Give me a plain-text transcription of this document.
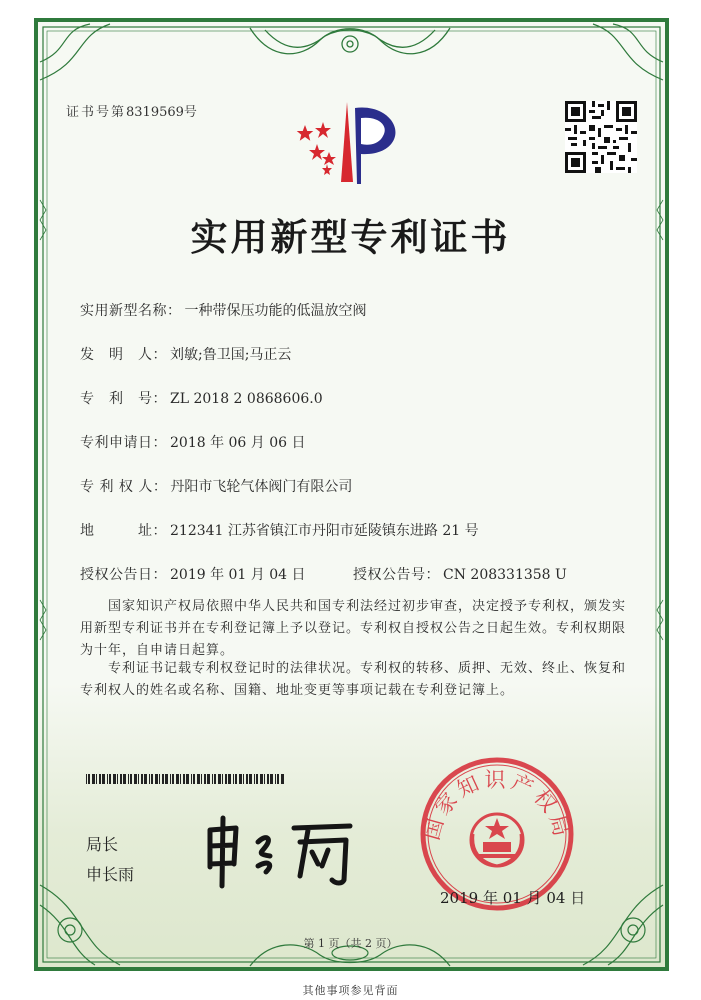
证书号第8319569号
实用新型专利证书
实用新型名称： 一种带保压功能的低温放空阀
发　明　人： 刘敏;鲁卫国;马正云
专　利　号： ZL 2018 2 0868606.0
专利申请日： 2018 年 06 月 06 日
专 利 权 人： 丹阳市飞轮气体阀门有限公司
地　　　址： 212341 江苏省镇江市丹阳市延陵镇东进路 21 号
授权公告日： 2019 年 01 月 04 日	授权公告号： CN 208331358 U
　　国家知识产权局依照中华人民共和国专利法经过初步审查，决定授予专利权，颁发实用新型专利证书并在专利登记簿上予以登记。专利权自授权公告之日起生效。专利权期限为十年，自申请日起算。
　　专利证书记载专利权登记时的法律状况。专利权的转移、质押、无效、终止、恢复和专利权人的姓名或名称、国籍、地址变更等事项记载在专利登记簿上。
局长
申长雨
国家知识产权局
2019 年 01 月 04 日
第 1 页（共 2 页）
其他事项参见背面
